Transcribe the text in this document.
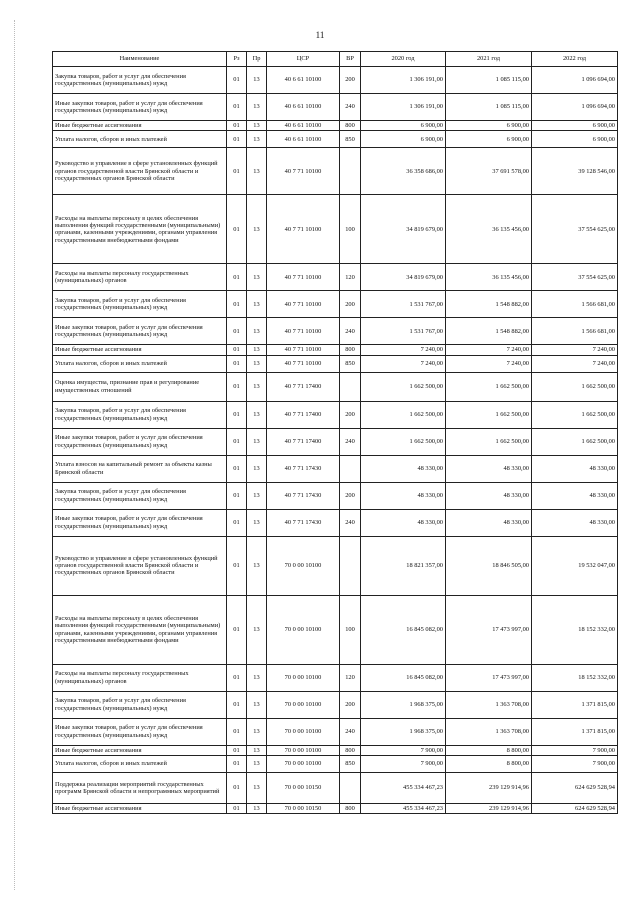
11
Наименование	Рз	Пр	ЦСР	ВР	2020 год	2021 год	2022 год
Закупка товаров, работ и услуг для обеспечения государственных (муниципальных) нужд	01	13	40 6 61 10100	200	1 306 191,00	1 085 115,00	1 096 694,00
Иные закупки товаров, работ и услуг для обеспечения государственных (муниципальных) нужд	01	13	40 6 61 10100	240	1 306 191,00	1 085 115,00	1 096 694,00
Иные бюджетные ассигнования	01	13	40 6 61 10100	800	6 900,00	6 900,00	6 900,00
Уплата налогов, сборов и иных платежей	01	13	40 6 61 10100	850	6 900,00	6 900,00	6 900,00
Руководство и управление в сфере установленных функций органов государственной власти Брянской области и государственных органов Брянской области	01	13	40 7 71 10100		36 358 686,00	37 691 578,00	39 128 546,00
Расходы на выплаты персоналу в целях обеспечения выполнения функций государственными (муниципальными) органами, казенными учреждениями, органами управления государственными внебюджетными фондами	01	13	40 7 71 10100	100	34 819 679,00	36 135 456,00	37 554 625,00
Расходы на выплаты персоналу государственных (муниципальных) органов	01	13	40 7 71 10100	120	34 819 679,00	36 135 456,00	37 554 625,00
Закупка товаров, работ и услуг для обеспечения государственных (муниципальных) нужд	01	13	40 7 71 10100	200	1 531 767,00	1 548 882,00	1 566 681,00
Иные закупки товаров, работ и услуг для обеспечения государственных (муниципальных) нужд	01	13	40 7 71 10100	240	1 531 767,00	1 548 882,00	1 566 681,00
Иные бюджетные ассигнования	01	13	40 7 71 10100	800	7 240,00	7 240,00	7 240,00
Уплата налогов, сборов и иных платежей	01	13	40 7 71 10100	850	7 240,00	7 240,00	7 240,00
Оценка имущества, признание прав и регулирование имущественных отношений	01	13	40 7 71 17400		1 662 500,00	1 662 500,00	1 662 500,00
Закупка товаров, работ и услуг для обеспечения государственных (муниципальных) нужд	01	13	40 7 71 17400	200	1 662 500,00	1 662 500,00	1 662 500,00
Иные закупки товаров, работ и услуг для обеспечения государственных (муниципальных) нужд	01	13	40 7 71 17400	240	1 662 500,00	1 662 500,00	1 662 500,00
Уплата взносов на капитальный ремонт за объекты казны Брянской области	01	13	40 7 71 17430		48 330,00	48 330,00	48 330,00
Закупка товаров, работ и услуг для обеспечения государственных (муниципальных) нужд	01	13	40 7 71 17430	200	48 330,00	48 330,00	48 330,00
Иные закупки товаров, работ и услуг для обеспечения государственных (муниципальных) нужд	01	13	40 7 71 17430	240	48 330,00	48 330,00	48 330,00
Руководство и управление в сфере установленных функций органов государственной власти Брянской области и государственных органов Брянской области	01	13	70 0 00 10100		18 821 357,00	18 846 505,00	19 532 047,00
Расходы на выплаты персоналу в целях обеспечения выполнения функций государственными (муниципальными) органами, казенными учреждениями, органами управления государственными внебюджетными фондами	01	13	70 0 00 10100	100	16 845 082,00	17 473 997,00	18 152 332,00
Расходы на выплаты персоналу государственных (муниципальных) органов	01	13	70 0 00 10100	120	16 845 082,00	17 473 997,00	18 152 332,00
Закупка товаров, работ и услуг для обеспечения государственных (муниципальных) нужд	01	13	70 0 00 10100	200	1 968 375,00	1 363 708,00	1 371 815,00
Иные закупки товаров, работ и услуг для обеспечения государственных (муниципальных) нужд	01	13	70 0 00 10100	240	1 968 375,00	1 363 708,00	1 371 815,00
Иные бюджетные ассигнования	01	13	70 0 00 10100	800	7 900,00	8 800,00	7 900,00
Уплата налогов, сборов и иных платежей	01	13	70 0 00 10100	850	7 900,00	8 800,00	7 900,00
Поддержка реализации мероприятий государственных программ Брянской области и непрограммных мероприятий	01	13	70 0 00 10150		455 334 467,23	239 129 914,96	624 629 528,94
Иные бюджетные ассигнования	01	13	70 0 00 10150	800	455 334 467,23	239 129 914,96	624 629 528,94
